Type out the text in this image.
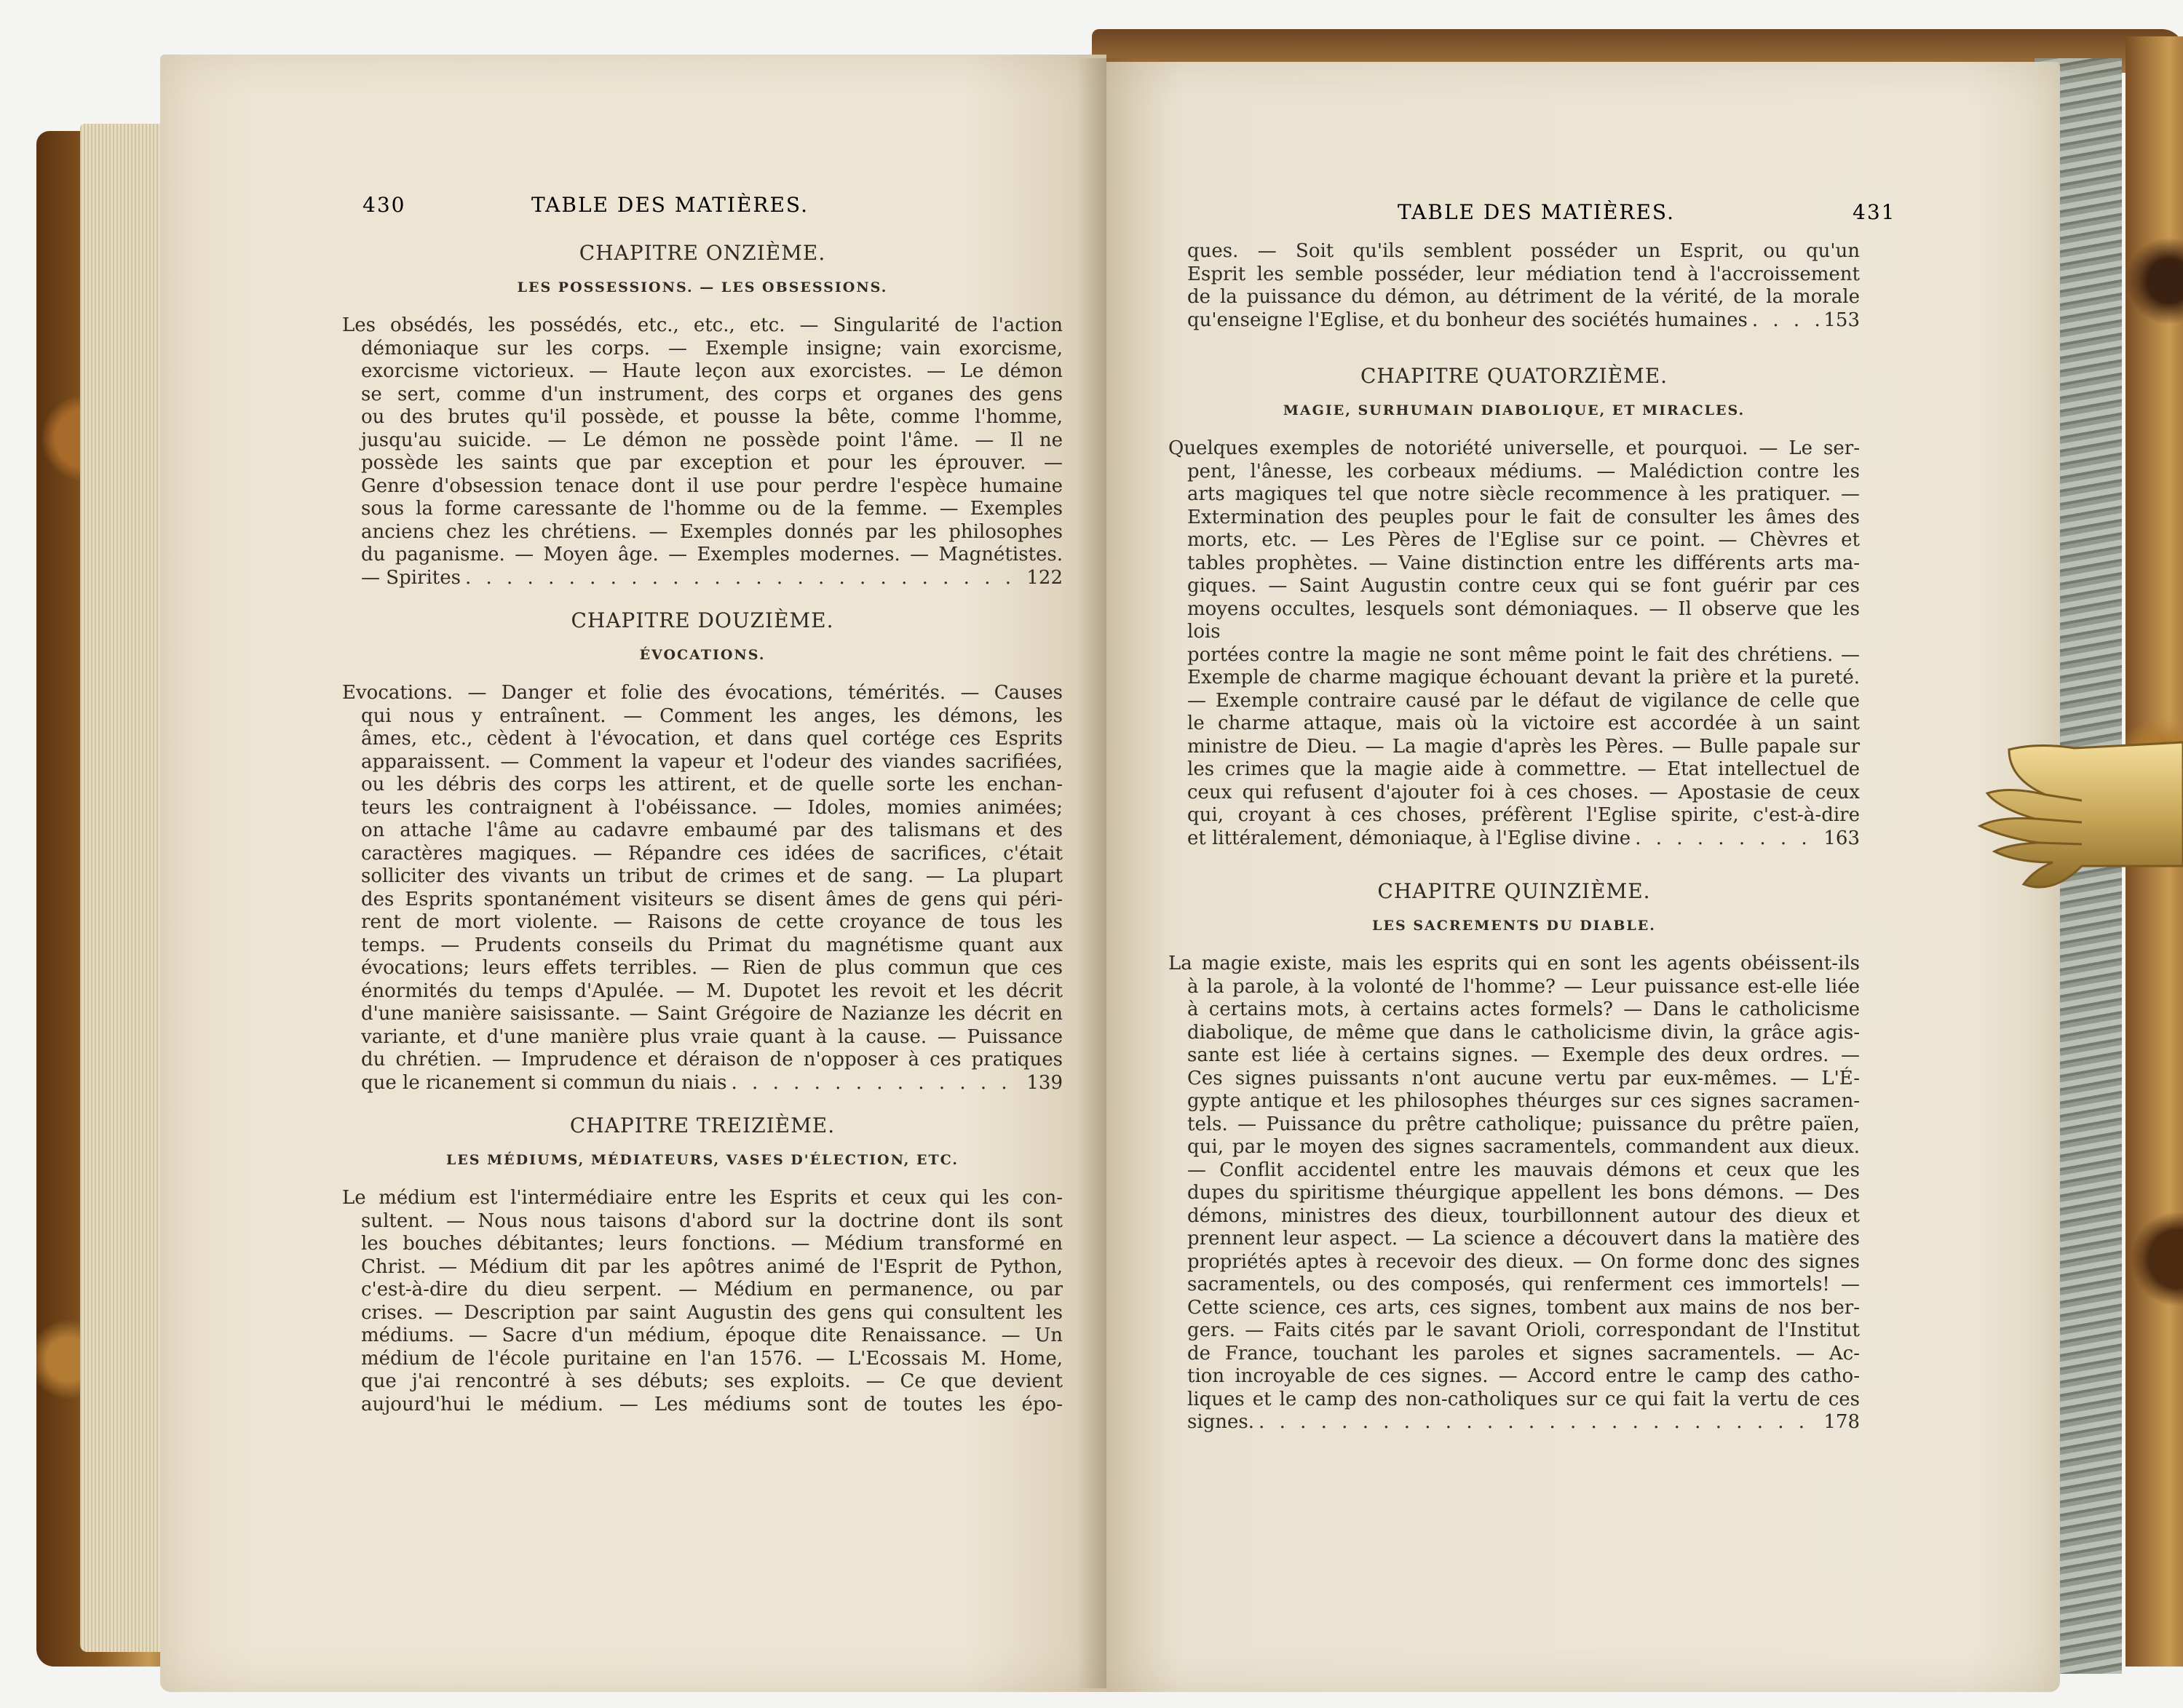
430	TABLE DES MATIÈRES.
CHAPITRE ONZIÈME.
LES POSSESSIONS. — LES OBSESSIONS.
Les obsédés, les possédés, etc., etc., etc. — Singularité de l'action
démoniaque sur les corps. — Exemple insigne; vain exorcisme,
exorcisme victorieux. — Haute leçon aux exorcistes. — Le démon
se sert, comme d'un instrument, des corps et organes des gens
ou des brutes qu'il possède, et pousse la bête, comme l'homme,
jusqu'au suicide. — Le démon ne possède point l'âme. — Il ne
possède les saints que par exception et pour les éprouver. —
Genre d'obsession tenace dont il use pour perdre l'espèce humaine
sous la forme caressante de l'homme ou de la femme. — Exemples
anciens chez les chrétiens. — Exemples donnés par les philosophes
du paganisme. — Moyen âge. — Exemples modernes. — Magnétistes.
— Spirites . . .	122
CHAPITRE DOUZIÈME.
ÉVOCATIONS.
Evocations. — Danger et folie des évocations, témérités. — Causes
qui nous y entraînent. — Comment les anges, les démons, les
âmes, etc., cèdent à l'évocation, et dans quel cortége ces Esprits
apparaissent. — Comment la vapeur et l'odeur des viandes sacrifiées,
ou les débris des corps les attirent, et de quelle sorte les enchan-
teurs les contraignent à l'obéissance. — Idoles, momies animées;
on attache l'âme au cadavre embaumé par des talismans et des
caractères magiques. — Répandre ces idées de sacrifices, c'était
solliciter des vivants un tribut de crimes et de sang. — La plupart
des Esprits spontanément visiteurs se disent âmes de gens qui péri-
rent de mort violente. — Raisons de cette croyance de tous les
temps. — Prudents conseils du Primat du magnétisme quant aux
évocations; leurs effets terribles. — Rien de plus commun que ces
énormités du temps d'Apulée. — M. Dupotet les revoit et les décrit
d'une manière saisissante. — Saint Grégoire de Nazianze les décrit en
variante, et d'une manière plus vraie quant à la cause. — Puissance
du chrétien. — Imprudence et déraison de n'opposer à ces pratiques
que le ricanement si commun du niais . . .	139
CHAPITRE TREIZIÈME.
LES MÉDIUMS, MÉDIATEURS, VASES D'ÉLECTION, ETC.
Le médium est l'intermédiaire entre les Esprits et ceux qui les con-
sultent. — Nous nous taisons d'abord sur la doctrine dont ils sont
les bouches débitantes; leurs fonctions. — Médium transformé en
Christ. — Médium dit par les apôtres animé de l'Esprit de Python,
c'est-à-dire du dieu serpent. — Médium en permanence, ou par
crises. — Description par saint Augustin des gens qui consultent les
médiums. — Sacre d'un médium, époque dite Renaissance. — Un
médium de l'école puritaine en l'an 1576. — L'Ecossais M. Home,
que j'ai rencontré à ses débuts; ses exploits. — Ce que devient
aujourd'hui le médium. — Les médiums sont de toutes les épo-
TABLE DES MATIÈRES.	431
ques. — Soit qu'ils semblent posséder un Esprit, ou qu'un
Esprit les semble posséder, leur médiation tend à l'accroissement
de la puissance du démon, au détriment de la vérité, de la morale
qu'enseigne l'Eglise, et du bonheur des sociétés humaines . . .	153
CHAPITRE QUATORZIÈME.
MAGIE, SURHUMAIN DIABOLIQUE, ET MIRACLES.
Quelques exemples de notoriété universelle, et pourquoi. — Le ser-
pent, l'ânesse, les corbeaux médiums. — Malédiction contre les
arts magiques tel que notre siècle recommence à les pratiquer. —
Extermination des peuples pour le fait de consulter les âmes des
morts, etc. — Les Pères de l'Eglise sur ce point. — Chèvres et
tables prophètes. — Vaine distinction entre les différents arts ma-
giques. — Saint Augustin contre ceux qui se font guérir par ces
moyens occultes, lesquels sont démoniaques. — Il observe que les lois
portées contre la magie ne sont même point le fait des chrétiens. —
Exemple de charme magique échouant devant la prière et la pureté.
— Exemple contraire causé par le défaut de vigilance de celle que
le charme attaque, mais où la victoire est accordée à un saint
ministre de Dieu. — La magie d'après les Pères. — Bulle papale sur
les crimes que la magie aide à commettre. — Etat intellectuel de
ceux qui refusent d'ajouter foi à ces choses. — Apostasie de ceux
qui, croyant à ces choses, préfèrent l'Eglise spirite, c'est-à-dire
et littéralement, démoniaque, à l'Eglise divine . . .	163
CHAPITRE QUINZIÈME.
LES SACREMENTS DU DIABLE.
La magie existe, mais les esprits qui en sont les agents obéissent-ils
à la parole, à la volonté de l'homme? — Leur puissance est-elle liée
à certains mots, à certains actes formels? — Dans le catholicisme
diabolique, de même que dans le catholicisme divin, la grâce agis-
sante est liée à certains signes. — Exemple des deux ordres. —
Ces signes puissants n'ont aucune vertu par eux-mêmes. — L'É-
gypte antique et les philosophes théurges sur ces signes sacramen-
tels. — Puissance du prêtre catholique; puissance du prêtre païen,
qui, par le moyen des signes sacramentels, commandent aux dieux.
— Conflit accidentel entre les mauvais démons et ceux que les
dupes du spiritisme théurgique appellent les bons démons. — Des
démons, ministres des dieux, tourbillonnent autour des dieux et
prennent leur aspect. — La science a découvert dans la matière des
propriétés aptes à recevoir des dieux. — On forme donc des signes
sacramentels, ou des composés, qui renferment ces immortels! —
Cette science, ces arts, ces signes, tombent aux mains de nos ber-
gers. — Faits cités par le savant Orioli, correspondant de l'Institut
de France, touchant les paroles et signes sacramentels. — Ac-
tion incroyable de ces signes. — Accord entre le camp des catho-
liques et le camp des non-catholiques sur ce qui fait la vertu de ces
signes. . . .	178
